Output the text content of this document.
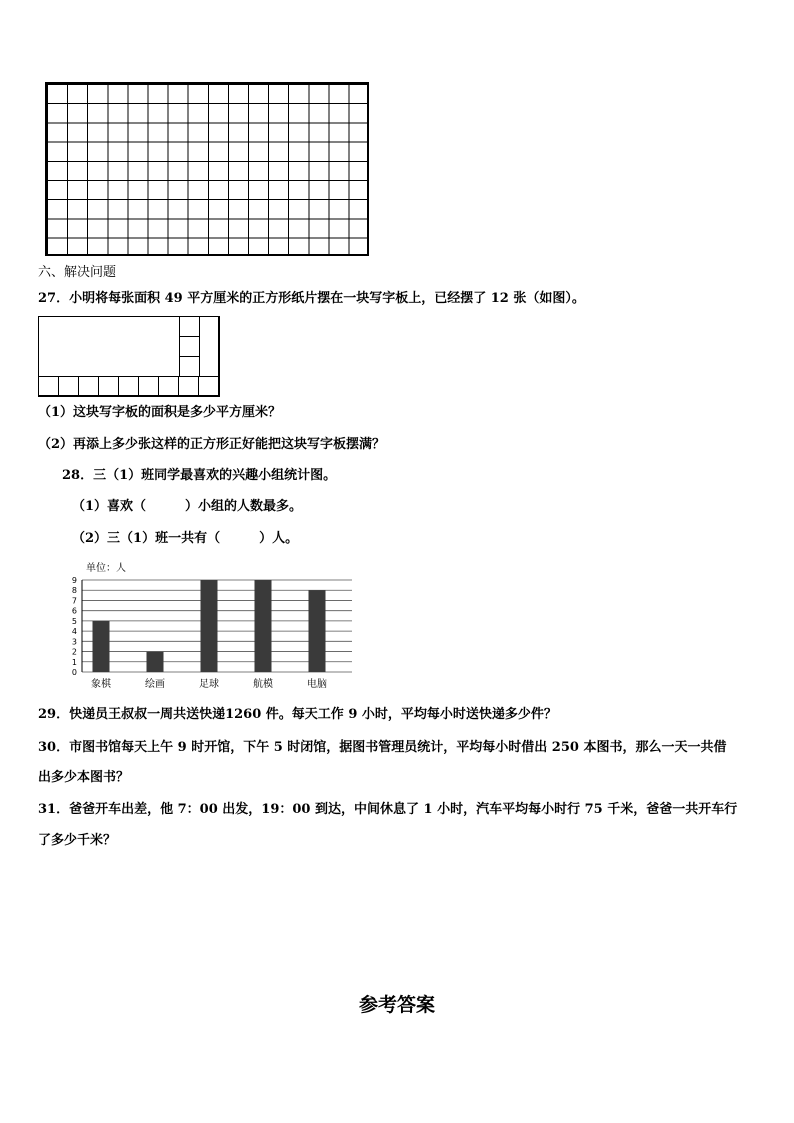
六、解决问题
27．小明将每张面积 49 平方厘米的正方形纸片摆在一块写字板上，已经摆了 12 张（如图）。
（1）这块写字板的面积是多少平方厘米？
（2）再添上多少张这样的正方形正好能把这块写字板摆满？
28．三（1）班同学最喜欢的兴趣小组统计图。
（1）喜欢（　　　）小组的人数最多。
（2）三（1）班一共有（　　　）人。
单位：人
0
1
2
3
4
5
6
7
8
9
象棋	绘画	足球	航模	电脑
29．快递员王叔叔一周共送快递1260 件。每天工作 9 小时，平均每小时送快递多少件？
30．市图书馆每天上午 9 时开馆，下午 5 时闭馆，据图书管理员统计，平均每小时借出 250 本图书，那么一天一共借
出多少本图书？
31．爸爸开车出差，他 7：00 出发，19：00 到达，中间休息了 1 小时，汽车平均每小时行 75 千米，爸爸一共开车行
了多少千米？
参考答案
